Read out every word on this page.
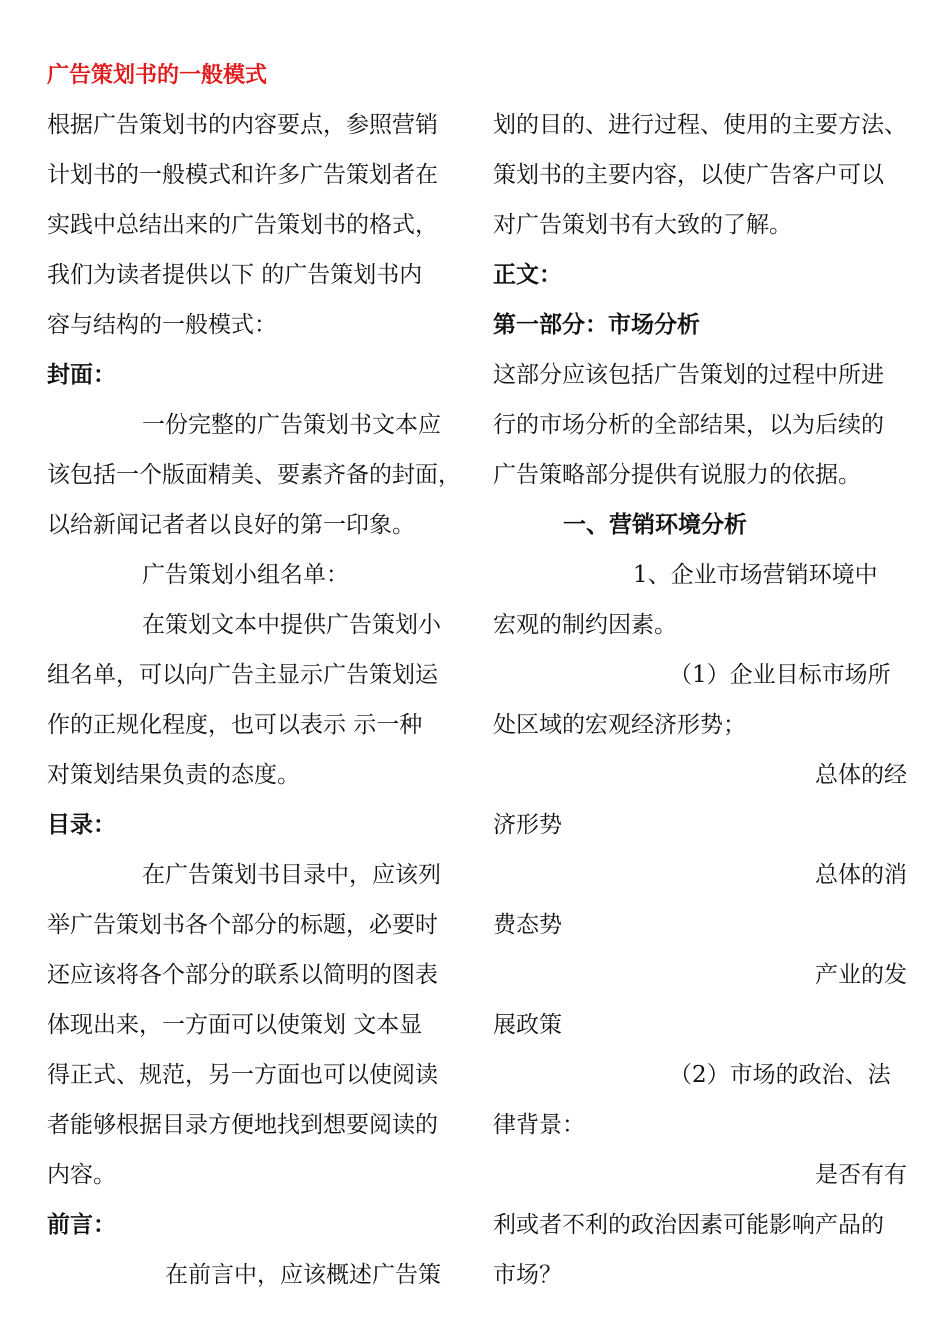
广告策划书的一般模式
根据广告策划书的内容要点，参照营销
计划书的一般模式和许多广告策划者在
实践中总结出来的广告策划书的格式，
我们为读者提供以下 的广告策划书内
容与结构的一般模式：
封面：
一份完整的广告策划书文本应
该包括一个版面精美、要素齐备的封面，
以给新闻记者者以良好的第一印象。
广告策划小组名单：
在策划文本中提供广告策划小
组名单，可以向广告主显示广告策划运
作的正规化程度，也可以表示 示一种
对策划结果负责的态度。
目录：
在广告策划书目录中，应该列
举广告策划书各个部分的标题，必要时
还应该将各个部分的联系以简明的图表
体现出来，一方面可以使策划 文本显
得正式、规范，另一方面也可以使阅读
者能够根据目录方便地找到想要阅读的
内容。
前言：
在前言中，应该概述广告策
划的目的、进行过程、使用的主要方法、
策划书的主要内容，以使广告客户可以
对广告策划书有大致的了解。
正文：
第一部分：市场分析
这部分应该包括广告策划的过程中所进
行的市场分析的全部结果，以为后续的
广告策略部分提供有说服力的依据。
一、营销环境分析
1、企业市场营销环境中
宏观的制约因素。
（1）企业目标市场所
处区域的宏观经济形势；
总体的经
济形势
总体的消
费态势
产业的发
展政策
（2）市场的政治、法
律背景：
是否有有
利或者不利的政治因素可能影响产品的
市场？
